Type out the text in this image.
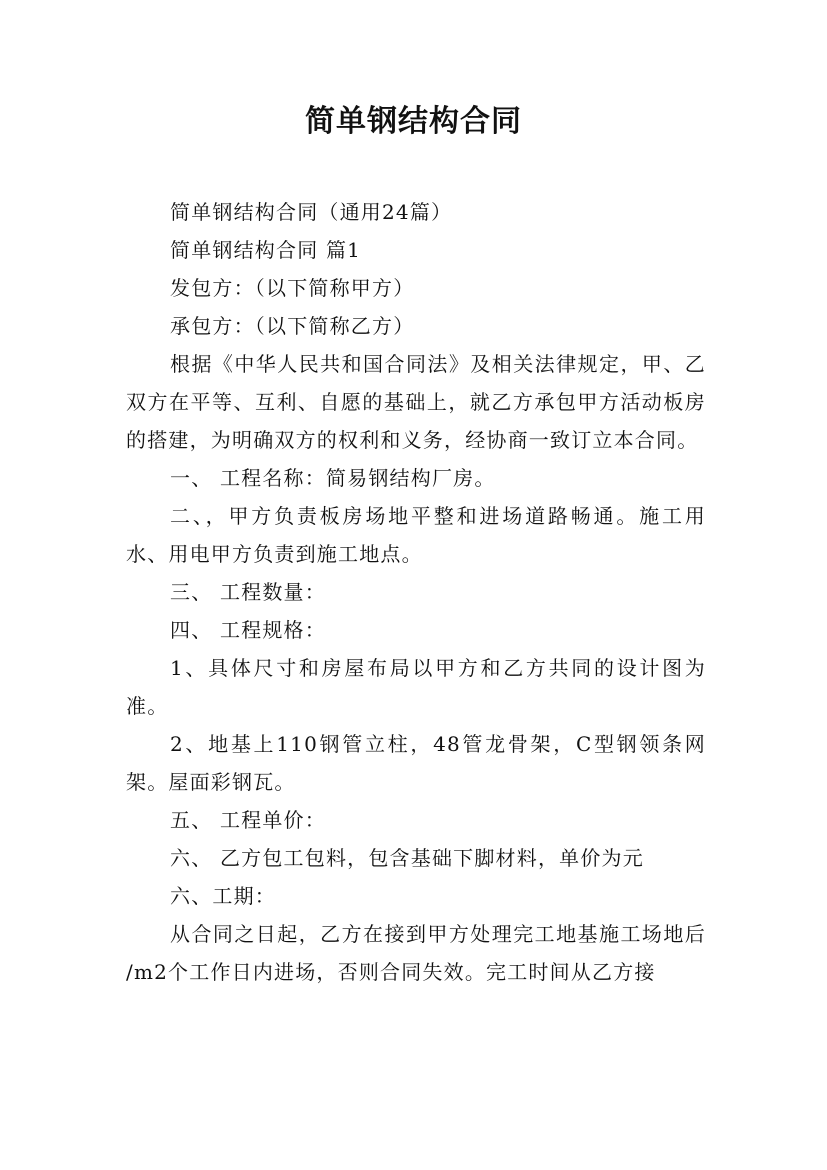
简单钢结构合同

简单钢结构合同（通用24篇）

简单钢结构合同 篇1

发包方：（以下简称甲方）

承包方：（以下简称乙方）

根据《中华人民共和国合同法》及相关法律规定，甲、乙双方在平等、互利、自愿的基础上，就乙方承包甲方活动板房的搭建，为明确双方的权利和义务，经协商一致订立本合同。

一、 工程名称：简易钢结构厂房。

二、，甲方负责板房场地平整和进场道路畅通。施工用水、用电甲方负责到施工地点。

三、 工程数量：

四、 工程规格：

1、具体尺寸和房屋布局以甲方和乙方共同的设计图为准。

2、地基上110钢管立柱，48管龙骨架，C型钢领条网架。屋面彩钢瓦。

五、 工程单价：

六、 乙方包工包料，包含基础下脚材料，单价为元

六、工期：

从合同之日起，乙方在接到甲方处理完工地基施工场地后 /m2个工作日内进场，否则合同失效。完工时间从乙方接
